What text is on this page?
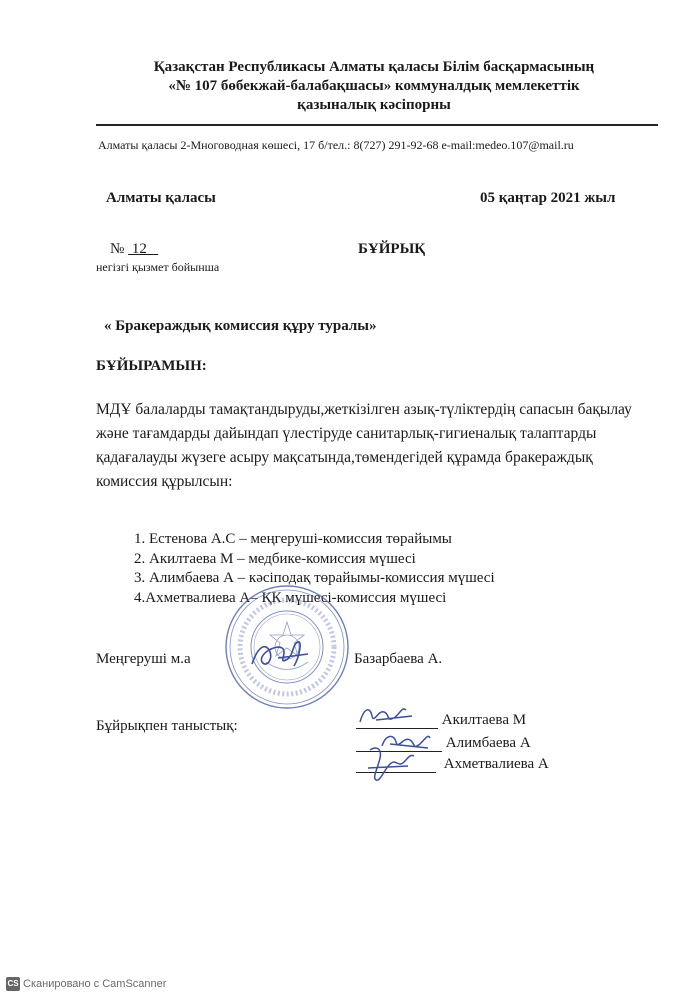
Қазақстан Республикасы Алматы қаласы Білім басқармасының
«№ 107 бөбекжай-балабақшасы» коммуналдық мемлекеттік
қазыналық кәсіпорны
Алматы қаласы 2-Многоводная көшесі, 17 б/тел.: 8(727) 291-92-68 e-mail:medeo.107@mail.ru
Алматы қаласы	05 қаңтар 2021 жыл
№  12	БҰЙРЫҚ
негізгі қызмет бойынша
« Бракераждық комиссия құру туралы»
БҰЙЫРАМЫН:
МДҰ балаларды тамақтандыруды,жеткізілген азық-түліктердің сапасын бақылау және тағамдарды дайындап үлестіруде санитарлық-гигиеналық талаптарды қадағалауды жүзеге асыру мақсатында,төмендегідей құрамда бракераждық комиссия құрылсын:
1. Естенова А.С – меңгеруші-комиссия төрайымы
2. Акилтаева М – медбике-комиссия мүшесі
3. Алимбаева А – кәсіподақ төрайымы-комиссия мүшесі
4.Ахметвалиева А– ҚК мүшесі-комиссия мүшесі
Меңгеруші м.а	Базарбаева А.
Бұйрықпен таныстық:	Акилтаева М
Алимбаева А
Ахметвалиева А
CS Сканировано с CamScanner
